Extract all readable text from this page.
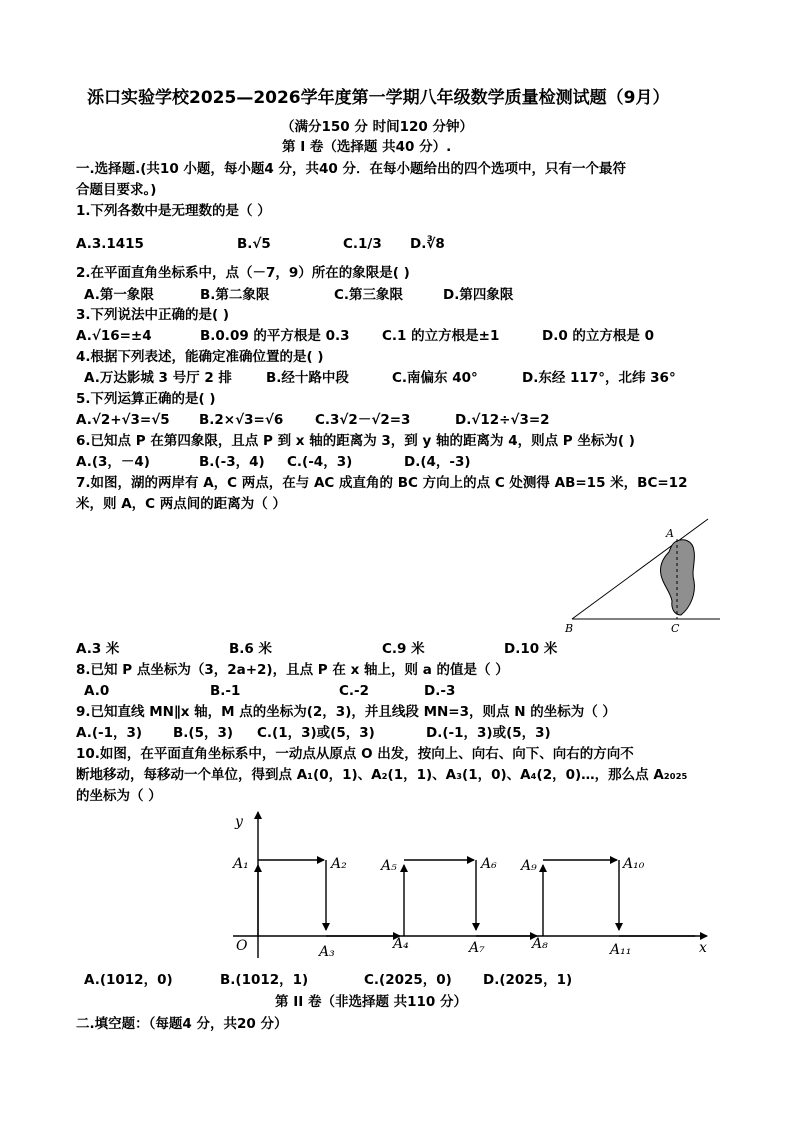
泺口实验学校2025—2026学年度第一学期八年级数学质量检测试题（9月）
（满分150 分 时间120 分钟）
第 I 卷（选择题 共40 分）.
一.选择题.(共10 小题，每小题4 分，共40 分．在每小题给出的四个选项中，只有一个最符
合题目要求。)
1.下列各数中是无理数的是（ ）
A.3.1415	B.√5	C.1/3 D.∛8
2.在平面直角坐标系中，点（－7，9）所在的象限是( )
A.第一象限	B.第二象限	C.第三象限	D.第四象限
3.下列说法中正确的是( )
A.√16=±4	B.0.09 的平方根是 0.3 C.1 的立方根是±1	D.0 的立方根是 0
4.根据下列表述，能确定准确位置的是( )
A.万达影城 3 号厅 2 排	B.经十路中段	C.南偏东 40°	D.东经 117°，北纬 36°
5.下列运算正确的是( )
A.√2+√3=√5 B.2×√3=√6 C.3√2－√2=3	D.√12÷√3=2
6.已知点 P 在第四象限，且点 P 到 x 轴的距离为 3，到 y 轴的距离为 4，则点 P 坐标为( )
A.(3，－4)	B.(-3，4) C.(-4，3)	D.(4，-3)
7.如图，湖的两岸有 A，C 两点，在与 AC 成直角的 BC 方向上的点 C 处测得 AB=15 米，BC=12
米，则 A，C 两点间的距离为（ ）
A
B	C
A.3 米	B.6 米	C.9 米	D.10 米
8.已知 P 点坐标为（3，2a+2)，且点 P 在 x 轴上，则 a 的值是（ ）
A.0	B.-1	C.-2	D.-3
9.已知直线 MN∥x 轴，M 点的坐标为(2，3)，并且线段 MN=3，则点 N 的坐标为（ ）
A.(-1，3) B.(5，3) C.(1，3)或(5，3)	D.(-1，3)或(5，3)
10.如图，在平面直角坐标系中，一动点从原点 O 出发，按向上、向右、向下、向右的方向不
断地移动，每移动一个单位，得到点 A₁(0，1)、A₂(1，1)、A₃(1，0)、A₄(2，0)…，那么点 A₂₀₂₅
的坐标为（ ）
y
x
O
A₁	A₂
A₃	A₄
A₅	A₆
A₇	A₈
A₉	A₁₀
A₁₁
A.(1012，0)	B.(1012，1)	C.(2025，0) D.(2025，1)
第 II 卷（非选择题 共110 分）
二.填空题：（每题4 分，共20 分）
